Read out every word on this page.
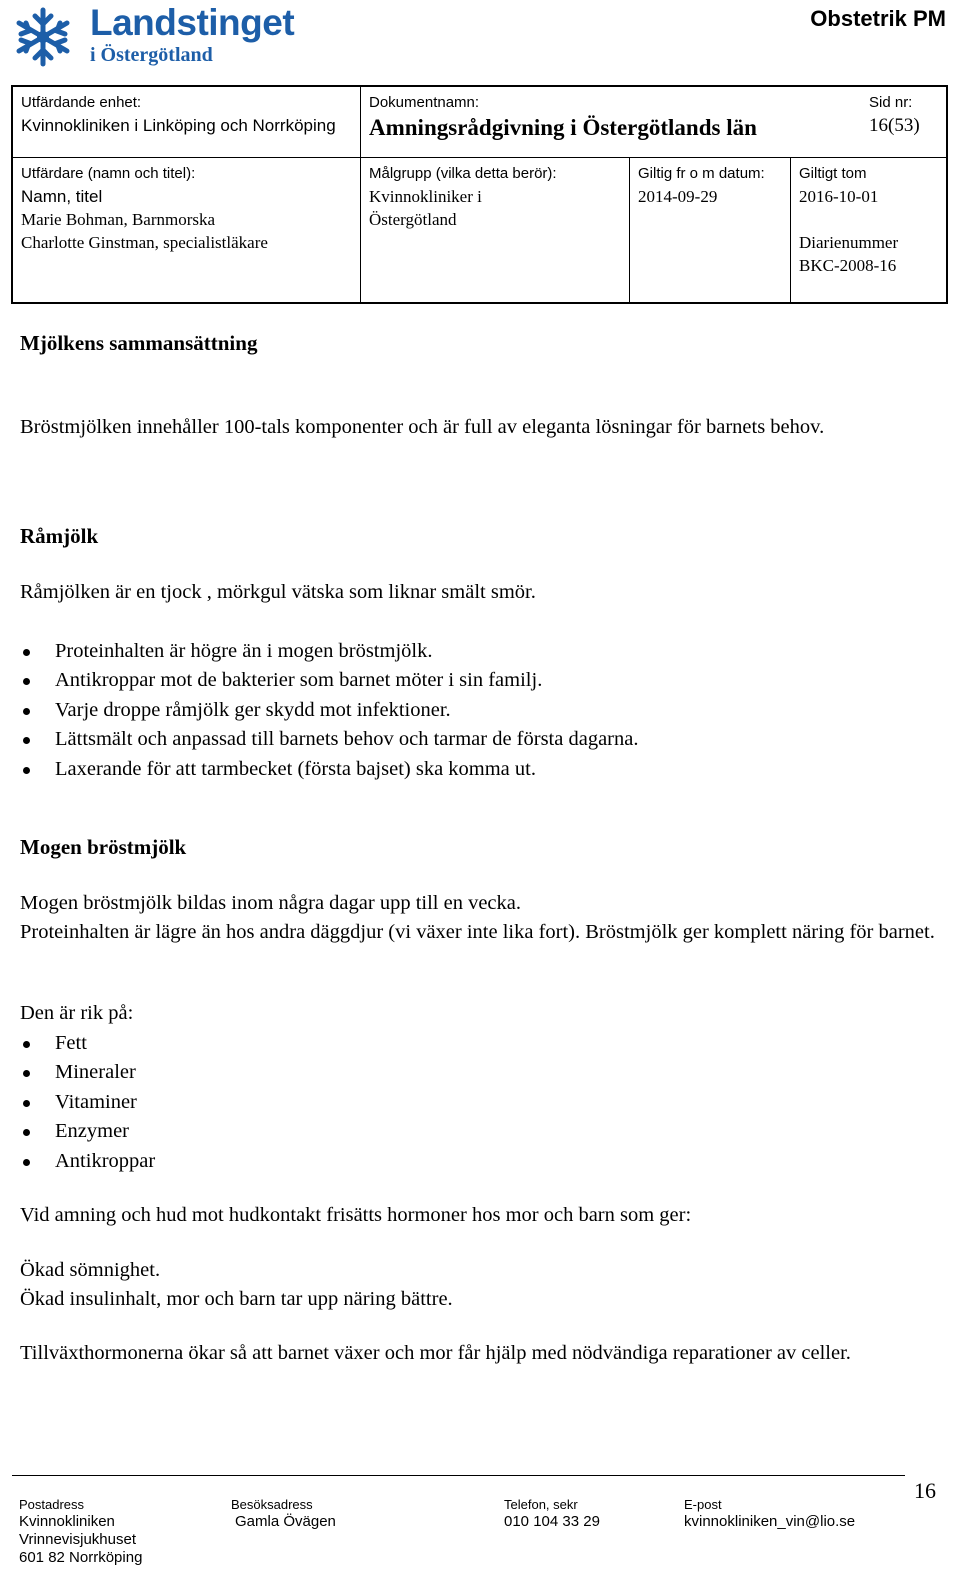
Landstinget
i Östergötland
Obstetrik PM
Utfärdande enhet:
Kvinnokliniken i Linköping och Norrköping
Dokumentnamn:
Amningsrådgivning i Östergötlands län
Sid nr:
16(53)
Utfärdare (namn och titel):
Namn, titel
Marie Bohman, Barnmorska
Charlotte Ginstman, specialistläkare
Målgrupp (vilka detta berör):
Kvinnokliniker i Östergötland
Giltig fr o m datum:
2014-09-29
Giltigt tom
2016-10-01
Diarienummer
BKC-2008-16
Mjölkens sammansättning
Bröstmjölken innehåller 100-tals komponenter och är full av eleganta lösningar för barnets behov.
Råmjölk
Råmjölken är en tjock , mörkgul vätska som liknar smält smör.
Proteinhalten är högre än i mogen bröstmjölk.
Antikroppar mot de bakterier som barnet möter i sin familj.
Varje droppe råmjölk ger skydd mot infektioner.
Lättsmält och anpassad till barnets behov och tarmar de första dagarna.
Laxerande för att tarmbecket (första bajset) ska komma ut.
Mogen bröstmjölk
Mogen bröstmjölk bildas inom några dagar upp till en vecka.
Proteinhalten är lägre än hos andra däggdjur (vi växer inte lika fort). Bröstmjölk ger komplett näring för barnet.
Den är rik på:
Fett
Mineraler
Vitaminer
Enzymer
Antikroppar
Vid amning och hud mot hudkontakt frisätts hormoner hos mor och barn som ger:
Ökad sömnighet.
Ökad insulinhalt, mor och barn tar upp näring bättre.
Tillväxthormonerna ökar så att barnet växer och mor får hjälp med nödvändiga reparationer av celler.
16
Postadress
Kvinnokliniken
Vrinnevisjukhuset
601 82 Norrköping
Besöksadress
Gamla Övägen
Telefon, sekr
010 104 33 29
E-post
kvinnokliniken_vin@lio.se
